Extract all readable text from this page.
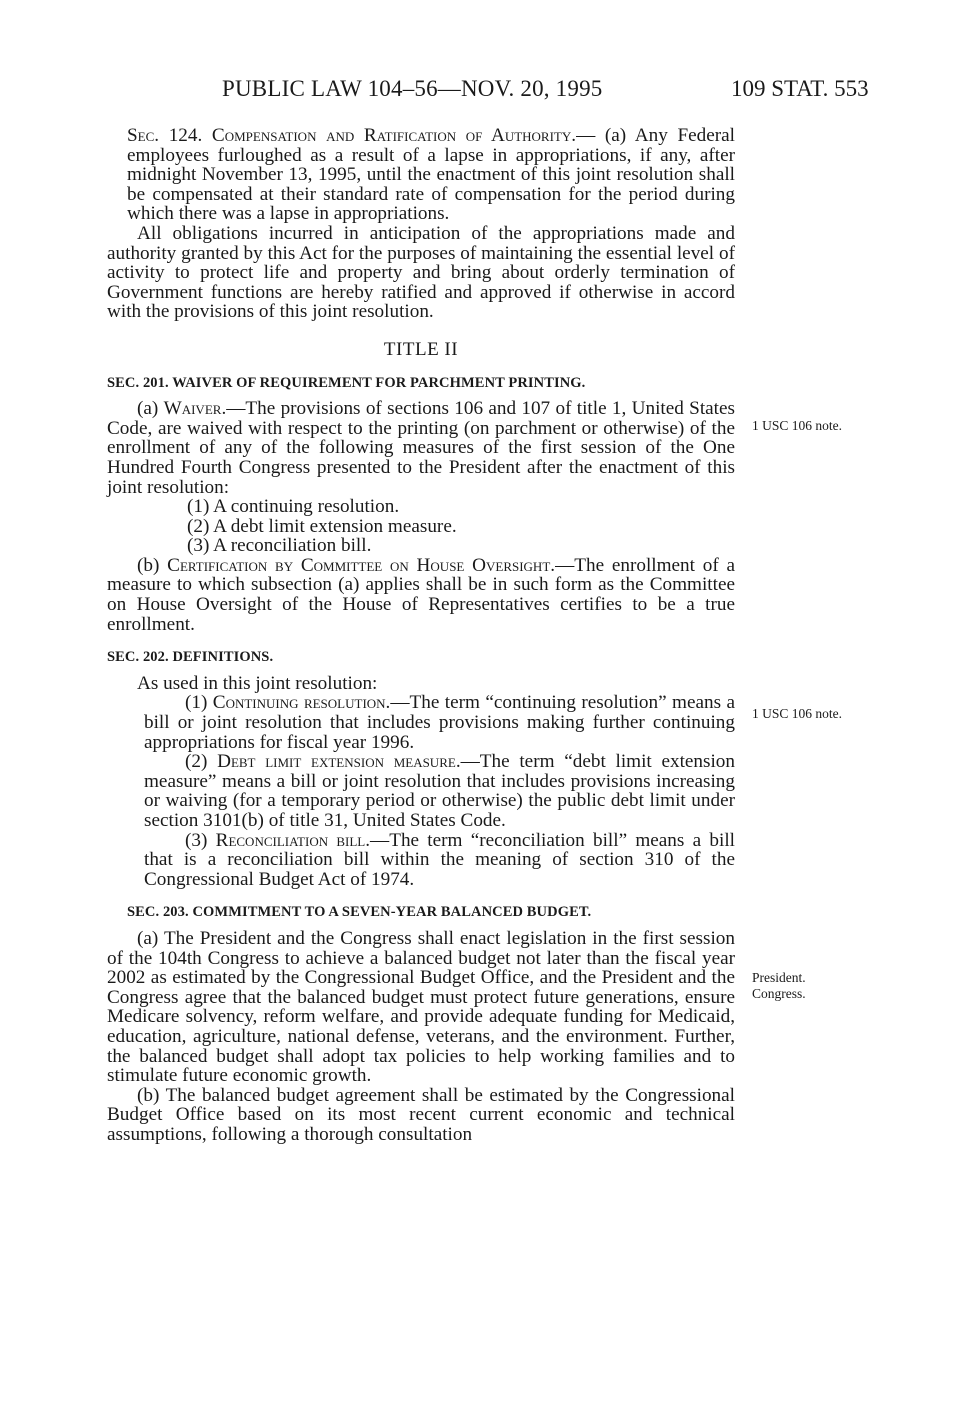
PUBLIC LAW 104–56—NOV. 20, 1995	109 STAT. 553

Sec. 124. Compensation and Ratification of Authority.— (a) Any Federal employees furloughed as a result of a lapse in appropriations, if any, after midnight November 13, 1995, until the enactment of this joint resolution shall be compensated at their standard rate of compensation for the period during which there was a lapse in appropriations.

All obligations incurred in anticipation of the appropriations made and authority granted by this Act for the purposes of maintaining the essential level of activity to protect life and property and bring about orderly termination of Government functions are hereby ratified and approved if otherwise in accord with the provisions of this joint resolution.

TITLE II

SEC. 201. WAIVER OF REQUIREMENT FOR PARCHMENT PRINTING.

(a) Waiver.—The provisions of sections 106 and 107 of title 1, United States Code, are waived with respect to the printing (on parchment or otherwise) of the enrollment of any of the following measures of the first session of the One Hundred Fourth Congress presented to the President after the enactment of this joint resolution:

(1) A continuing resolution.

(2) A debt limit extension measure.

(3) A reconciliation bill.

(b) Certification by Committee on House Oversight.—The enrollment of a measure to which subsection (a) applies shall be in such form as the Committee on House Oversight of the House of Representatives certifies to be a true enrollment.

SEC. 202. DEFINITIONS.

As used in this joint resolution:

(1) Continuing resolution.—The term “continuing resolution” means a bill or joint resolution that includes provisions making further continuing appropriations for fiscal year 1996.

(2) Debt limit extension measure.—The term “debt limit extension measure” means a bill or joint resolution that includes provisions increasing or waiving (for a temporary period or otherwise) the public debt limit under section 3101(b) of title 31, United States Code.

(3) Reconciliation bill.—The term “reconciliation bill” means a bill that is a reconciliation bill within the meaning of section 310 of the Congressional Budget Act of 1974.

SEC. 203. COMMITMENT TO A SEVEN-YEAR BALANCED BUDGET.

(a) The President and the Congress shall enact legislation in the first session of the 104th Congress to achieve a balanced budget not later than the fiscal year 2002 as estimated by the Congressional Budget Office, and the President and the Congress agree that the balanced budget must protect future generations, ensure Medicare solvency, reform welfare, and provide adequate funding for Medicaid, education, agriculture, national defense, veterans, and the environment. Further, the balanced budget shall adopt tax policies to help working families and to stimulate future economic growth.

(b) The balanced budget agreement shall be estimated by the Congressional Budget Office based on its most recent current economic and technical assumptions, following a thorough consultation

1 USC 106 note.
1 USC 106 note.
President.
Congress.
